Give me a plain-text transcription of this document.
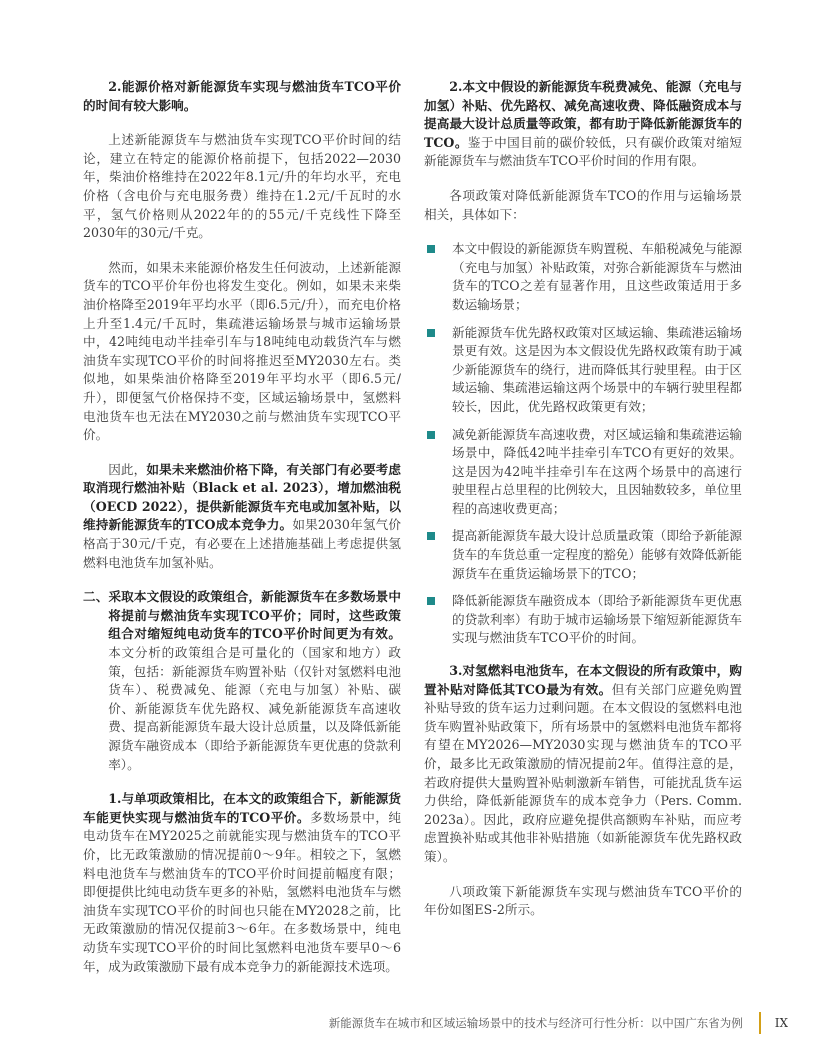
2.能源价格对新能源货车实现与燃油货车TCO平价的时间有较大影响。

上述新能源货车与燃油货车实现TCO平价时间的结论，建立在特定的能源价格前提下，包括2022—2030年，柴油价格维持在2022年8.1元/升的年均水平，充电价格（含电价与充电服务费）维持在1.2元/千瓦时的水平，氢气价格则从2022年的的55元/千克线性下降至2030年的30元/千克。

然而，如果未来能源价格发生任何波动，上述新能源货车的TCO平价年份也将发生变化。例如，如果未来柴油价格降至2019年平均水平（即6.5元/升），而充电价格上升至1.4元/千瓦时，集疏港运输场景与城市运输场景中，42吨纯电动半挂牵引车与18吨纯电动载货汽车与燃油货车实现TCO平价的时间将推迟至MY2030左右。类似地，如果柴油价格降至2019年平均水平（即6.5元/升），即便氢气价格保持不变，区域运输场景中，氢燃料电池货车也无法在MY2030之前与燃油货车实现TCO平价。

因此，如果未来燃油价格下降，有关部门有必要考虑取消现行燃油补贴（Black et al. 2023），增加燃油税（OECD 2022），提供新能源货车充电或加氢补贴，以维持新能源货车的TCO成本竞争力。如果2030年氢气价格高于30元/千克，有必要在上述措施基础上考虑提供氢燃料电池货车加氢补贴。

二、采取本文假设的政策组合，新能源货车在多数场景中将提前与燃油货车实现TCO平价；同时，这些政策组合对缩短纯电动货车的TCO平价时间更为有效。本文分析的政策组合是可量化的（国家和地方）政策，包括：新能源货车购置补贴（仅针对氢燃料电池货车）、税费减免、能源（充电与加氢）补贴、碳价、新能源货车优先路权、减免新能源货车高速收费、提高新能源货车最大设计总质量，以及降低新能源货车融资成本（即给予新能源货车更优惠的贷款利率）。

1.与单项政策相比，在本文的政策组合下，新能源货车能更快实现与燃油货车的TCO平价。多数场景中，纯电动货车在MY2025之前就能实现与燃油货车的TCO平价，比无政策激励的情况提前0～9年。相较之下，氢燃料电池货车与燃油货车的TCO平价时间提前幅度有限；即便提供比纯电动货车更多的补贴，氢燃料电池货车与燃油货车实现TCO平价的时间也只能在MY2028之前，比无政策激励的情况仅提前3～6年。在多数场景中，纯电动货车实现TCO平价的时间比氢燃料电池货车要早0～6年，成为政策激励下最有成本竞争力的新能源技术选项。

2.本文中假设的新能源货车税费减免、能源（充电与加氢）补贴、优先路权、减免高速收费、降低融资成本与提高最大设计总质量等政策，都有助于降低新能源货车的TCO。鉴于中国目前的碳价较低，只有碳价政策对缩短新能源货车与燃油货车TCO平价时间的作用有限。

各项政策对降低新能源货车TCO的作用与运输场景相关，具体如下：

本文中假设的新能源货车购置税、车船税减免与能源（充电与加氢）补贴政策，对弥合新能源货车与燃油货车的TCO之差有显著作用，且这些政策适用于多数运输场景；
新能源货车优先路权政策对区域运输、集疏港运输场景更有效。这是因为本文假设优先路权政策有助于减少新能源货车的绕行，进而降低其行驶里程。由于区域运输、集疏港运输这两个场景中的车辆行驶里程都较长，因此，优先路权政策更有效；
减免新能源货车高速收费，对区域运输和集疏港运输场景中，降低42吨半挂牵引车TCO有更好的效果。这是因为42吨半挂牵引车在这两个场景中的高速行驶里程占总里程的比例较大，且因轴数较多，单位里程的高速收费更高；
提高新能源货车最大设计总质量政策（即给予新能源货车的车货总重一定程度的豁免）能够有效降低新能源货车在重货运输场景下的TCO；
降低新能源货车融资成本（即给予新能源货车更优惠的贷款利率）有助于城市运输场景下缩短新能源货车实现与燃油货车TCO平价的时间。

3.对氢燃料电池货车，在本文假设的所有政策中，购置补贴对降低其TCO最为有效。但有关部门应避免购置补贴导致的货车运力过剩问题。在本文假设的氢燃料电池货车购置补贴政策下，所有场景中的氢燃料电池货车都将有望在MY2026—MY2030实现与燃油货车的TCO平价，最多比无政策激励的情况提前2年。值得注意的是，若政府提供大量购置补贴刺激新车销售，可能扰乱货车运力供给，降低新能源货车的成本竞争力（Pers. Comm. 2023a）。因此，政府应避免提供高额购车补贴，而应考虑置换补贴或其他非补贴措施（如新能源货车优先路权政策）。

八项政策下新能源货车实现与燃油货车TCO平价的年份如图ES-2所示。

新能源货车在城市和区域运输场景中的技术与经济可行性分析：以中国广东省为例	IX
